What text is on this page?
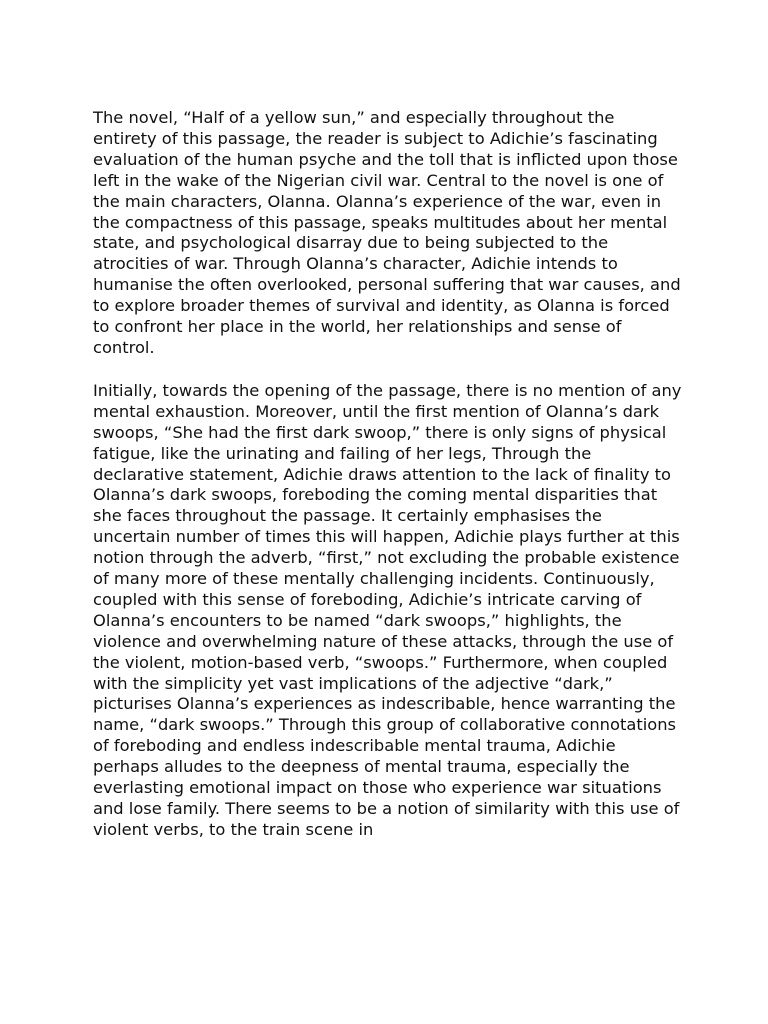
The novel, “Half of a yellow sun,” and especially throughout the entirety of this passage, the reader is subject to Adichie’s fascinating evaluation of the human psyche and the toll that is inflicted upon those left in the wake of the Nigerian civil war. Central to the novel is one of the main characters, Olanna. Olanna’s experience of the war, even in the compactness of this passage, speaks multitudes about her mental state, and psychological disarray due to being subjected to the atrocities of war. Through Olanna’s character, Adichie intends to humanise the often overlooked, personal suffering that war causes, and to explore broader themes of survival and identity, as Olanna is forced to confront her place in the world, her relationships and sense of control.

Initially, towards the opening of the passage, there is no mention of any mental exhaustion. Moreover, until the first mention of Olanna’s dark swoops, “She had the first dark swoop,” there is only signs of physical fatigue, like the urinating and failing of her legs, Through the declarative statement, Adichie draws attention to the lack of finality to Olanna’s dark swoops, foreboding the coming mental disparities that she faces throughout the passage. It certainly emphasises the uncertain number of times this will happen, Adichie plays further at this notion through the adverb, “first,” not excluding the probable existence of many more of these mentally challenging incidents. Continuously, coupled with this sense of foreboding, Adichie’s intricate carving of Olanna’s encounters to be named “dark swoops,” highlights, the violence and overwhelming nature of these attacks, through the use of the violent, motion-based verb, “swoops.” Furthermore, when coupled with the simplicity yet vast implications of the adjective “dark,” picturises Olanna’s experiences as indescribable, hence warranting the name, “dark swoops.” Through this group of collaborative connotations of foreboding and endless indescribable mental trauma, Adichie perhaps alludes to the deepness of mental trauma, especially the everlasting emotional impact on those who experience war situations and lose family. There seems to be a notion of similarity with this use of violent verbs, to the train scene in
